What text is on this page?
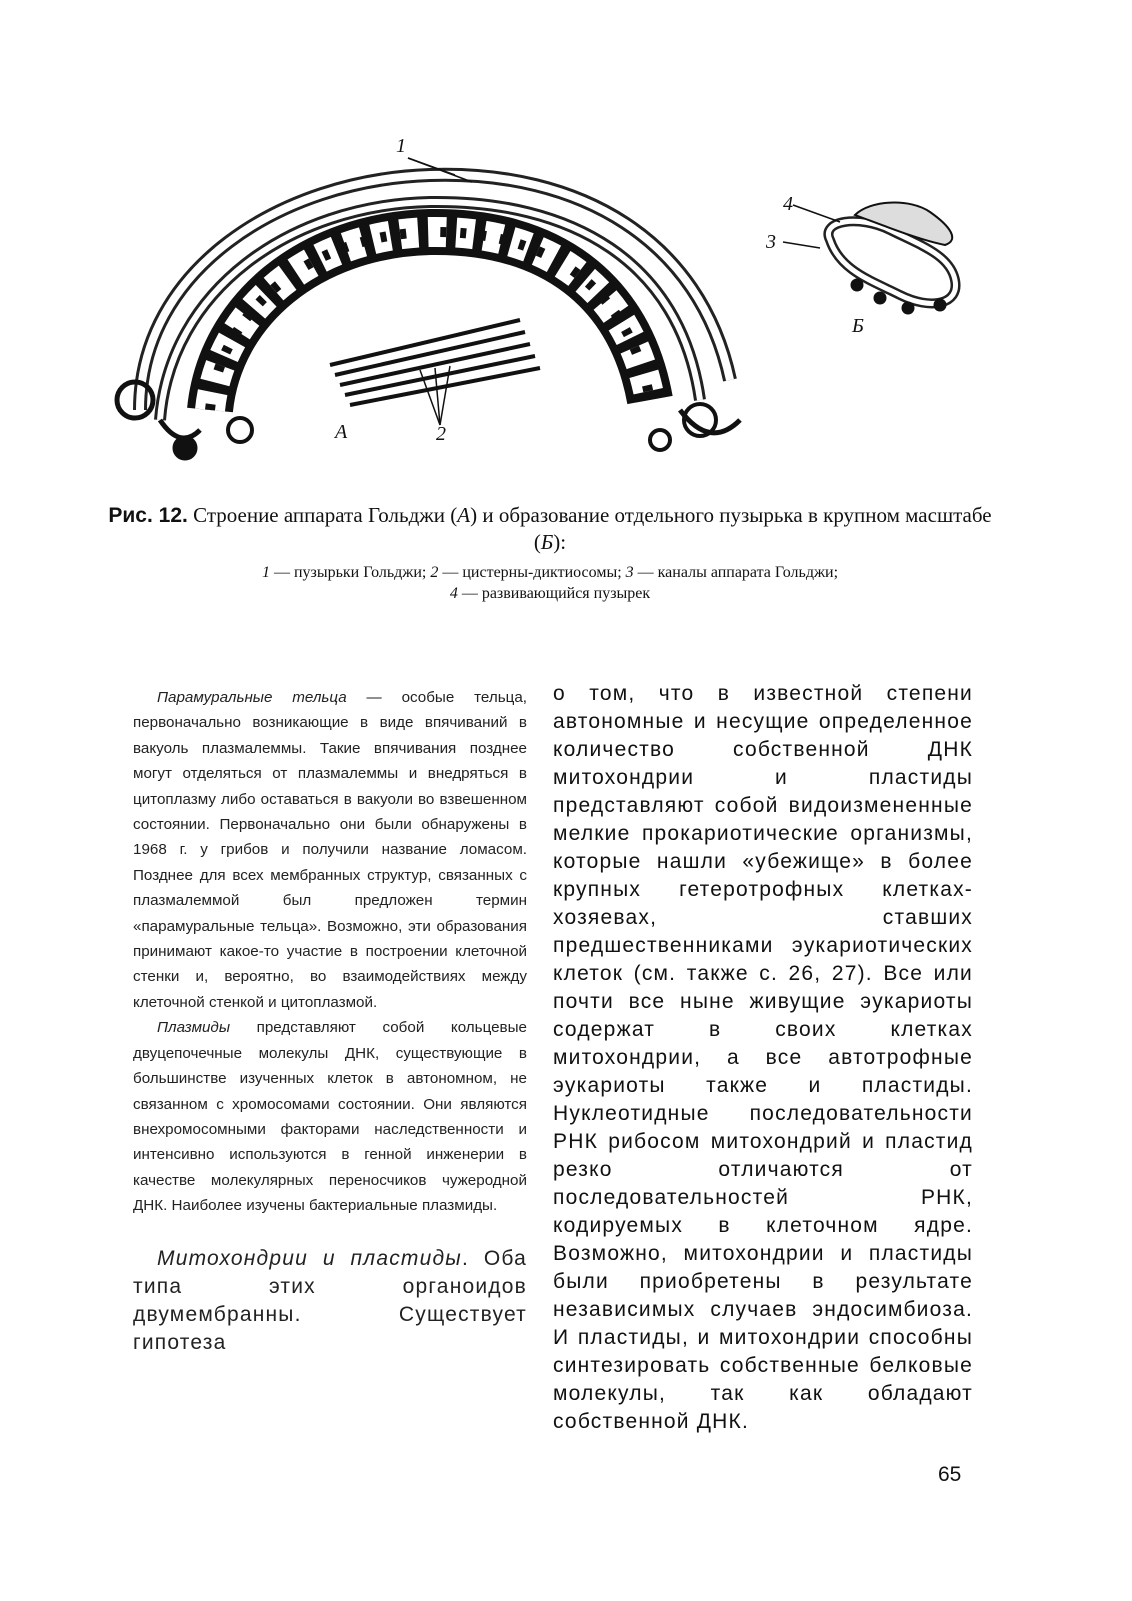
1
А	2
4
3
Б
Рис. 12. Строение аппарата Гольджи (А) и образование отдельного пузырька в крупном масштабе (Б):
1 — пузырьки Гольджи; 2 — цистерны-диктиосомы; 3 — каналы аппарата Гольджи;
4 — развивающийся пузырек

Парамуральные тельца — особые тельца, первоначально возникающие в виде впячиваний в вакуоль плазмалеммы. Такие впячивания позднее могут отделяться от плазмалеммы и внедряться в цитоплазму либо оставаться в вакуоли во взвешенном состоянии. Первоначально они были обнаружены в 1968 г. у грибов и получили название ломасом. Позднее для всех мембранных структур, связанных с плазмалеммой был предложен термин «парамуральные тельца». Возможно, эти образования принимают какое-то участие в построении клеточной стенки и, вероятно, во взаимодействиях между клеточной стенкой и цитоплазмой.

Плазмиды представляют собой кольцевые двуцепочечные молекулы ДНК, существующие в большинстве изученных клеток в автономном, не связанном с хромосомами состоянии. Они являются внехромосомными факторами наследственности и интенсивно используются в генной инженерии в качестве молекулярных переносчиков чужеродной ДНК. Наиболее изучены бактериальные плазмиды.

Митохондрии и пластиды. Оба типа этих органоидов двумембранны. Существует гипотеза

о том, что в известной степени автономные и несущие определенное количество собственной ДНК митохондрии и пластиды представляют собой видоизмененные мелкие прокариотические организмы, которые нашли «убежище» в более крупных гетеротрофных клетках-хозяевах, ставших предшественниками эукариотических клеток (см. также с. 26, 27). Все или почти все ныне живущие эукариоты содержат в своих клетках митохондрии, а все автотрофные эукариоты также и пластиды. Нуклеотидные последовательности РНК рибосом митохондрий и пластид резко отличаются от последовательностей РНК, кодируемых в клеточном ядре. Возможно, митохондрии и пластиды были приобретены в результате независимых случаев эндосимбиоза. И пластиды, и митохондрии способны синтезировать собственные белковые молекулы, так как обладают собственной ДНК.

65
